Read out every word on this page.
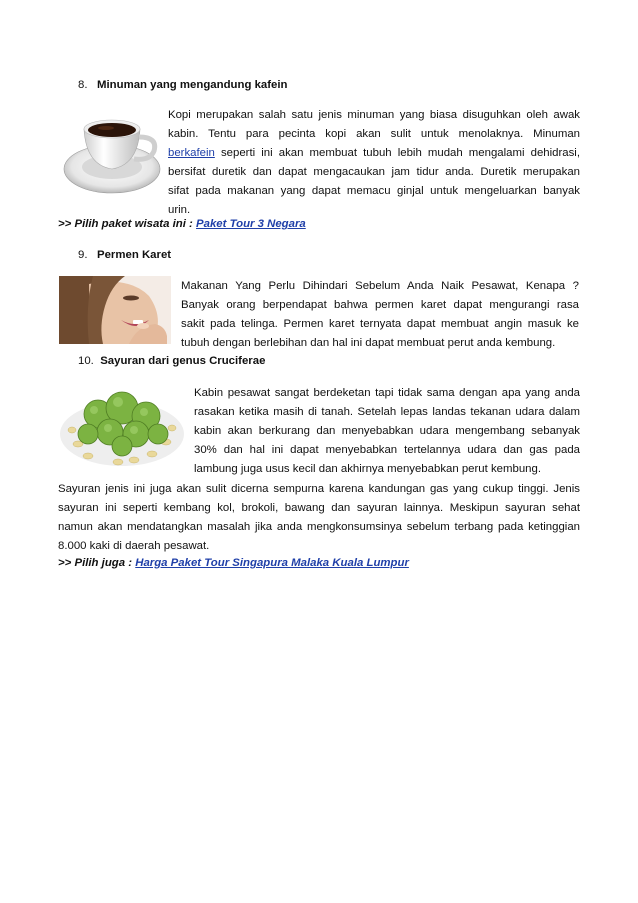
8. Minuman yang mengandung kafein
Kopi merupakan salah satu jenis minuman yang biasa disuguhkan oleh awak
kabin. Tentu para pecinta kopi akan sulit untuk menolaknya. Minuman
berkafein seperti ini akan membuat tubuh lebih mudah mengalami dehidrasi,
bersifat duretik dan dapat mengacaukan jam tidur anda. Duretik merupakan
sifat pada makanan yang dapat memacu ginjal untuk mengeluarkan banyak
urin.
>> Pilih paket wisata ini : Paket Tour 3 Negara
9. Permen Karet
Makanan Yang Perlu Dihindari Sebelum Anda Naik Pesawat, Kenapa ?
Banyak orang berpendapat bahwa permen karet dapat mengurangi rasa
sakit pada telinga. Permen karet ternyata dapat membuat angin masuk ke
tubuh dengan berlebihan dan hal ini dapat membuat perut anda kembung.
10. Sayuran dari genus Cruciferae
Kabin pesawat sangat berdeketan tapi tidak sama dengan apa yang anda
rasakan ketika masih di tanah. Setelah lepas landas tekanan udara dalam
kabin akan berkurang dan menyebabkan udara mengembang sebanyak
30% dan hal ini dapat menyebabkan tertelannya udara dan gas pada
lambung juga usus kecil dan akhirnya menyebabkan perut kembung.
Sayuran jenis ini juga akan sulit dicerna sempurna karena kandungan gas yang cukup tinggi. Jenis
sayuran ini seperti kembang kol, brokoli, bawang dan sayuran lainnya. Meskipun sayuran sehat
namun akan mendatangkan masalah jika anda mengkonsumsinya sebelum terbang pada ketinggian
8.000 kaki di daerah pesawat.
>> Pilih juga : Harga Paket Tour Singapura Malaka Kuala Lumpur
